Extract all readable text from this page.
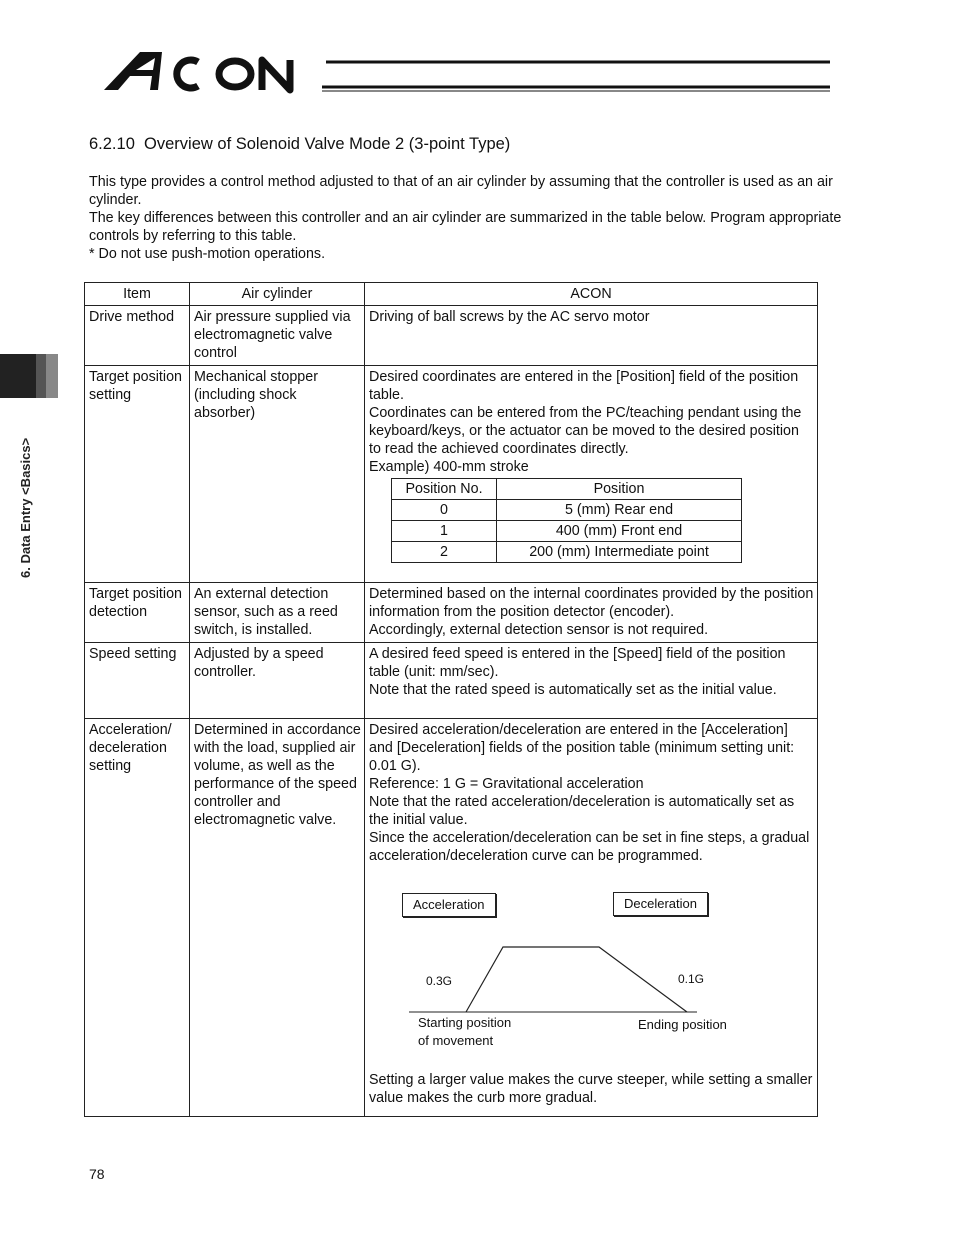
6. Data Entry <Basics>
6.2.10  Overview of Solenoid Valve Mode 2 (3-point Type)

This type provides a control method adjusted to that of an air cylinder by assuming that the controller is used as an air cylinder.

The key differences between this controller and an air cylinder are summarized in the table below. Program appropriate controls by referring to this table.

* Do not use push-motion operations.

Item	Air cylinder	ACON
Drive method	Air pressure supplied via electromagnetic valve control	
Driving of ball screws by the AC servo motor

Target position setting	Mechanical stopper (including shock absorber)	
Desired coordinates are entered in the [Position] field of the position table.
Coordinates can be entered from the PC/teaching pendant using the keyboard/keys, or the actuator can be moved to the desired position to read the achieved coordinates directly.
Example) 400-mm stroke
Position No.	Position
0	5 (mm) Rear end
1	400 (mm) Front end
2	200 (mm) Intermediate point

Target position detection	An external detection sensor, such as a reed switch, is installed.	
Determined based on the internal coordinates provided by the position information from the position detector (encoder).
Accordingly, external detection sensor is not required.

Speed setting	Adjusted by a speed controller.	
A desired feed speed is entered in the [Speed] field of the position table (unit: mm/sec).
Note that the rated speed is automatically set as the initial value.

Acceleration/ deceleration setting	Determined in accordance with the load, supplied air volume, as well as the performance of the speed controller and electromagnetic valve.	
Desired acceleration/deceleration are entered in the [Acceleration] and [Deceleration] fields of the position table (minimum setting unit: 0.01 G).
Reference: 1 G = Gravitational acceleration
Note that the rated acceleration/deceleration is automatically set as the initial value.
Since the acceleration/deceleration can be set in fine steps, a gradual acceleration/deceleration curve can be programmed.
Acceleration	Deceleration
0.3G	0.1G
Starting position
of movement
Ending position
Setting a larger value makes the curve steeper, while setting a smaller value makes the curb more gradual.
78
